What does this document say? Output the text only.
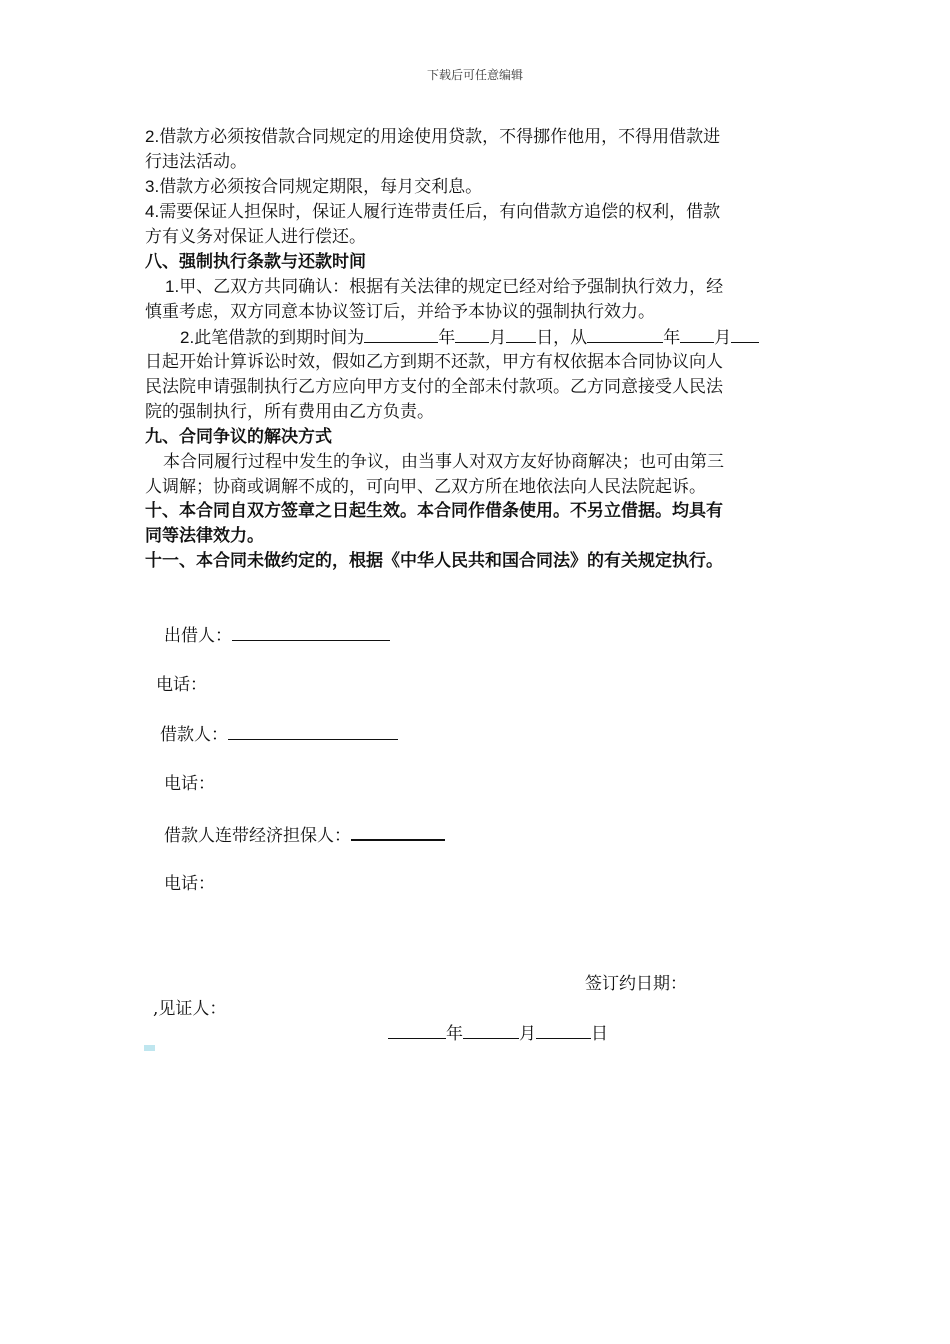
下载后可任意编辑
2.借款方必须按借款合同规定的用途使用贷款，不得挪作他用，不得用借款进
行违法活动。
3.借款方必须按合同规定期限，每月交利息。
4.需要保证人担保时，保证人履行连带责任后，有向借款方追偿的权利，借款
方有义务对保证人进行偿还。
八、强制执行条款与还款时间
1.甲、乙双方共同确认：根据有关法律的规定已经对给予强制执行效力，经
慎重考虑，双方同意本协议签订后，并给予本协议的强制执行效力。
2.此笔借款的到期时间为	年 月 日，从	年 月
日起开始计算诉讼时效，假如乙方到期不还款，甲方有权依据本合同协议向人
民法院申请强制执行乙方应向甲方支付的全部未付款项。乙方同意接受人民法
院的强制执行，所有费用由乙方负责。
九、合同争议的解决方式
本合同履行过程中发生的争议，由当事人对双方友好协商解决；也可由第三
人调解；协商或调解不成的，可向甲、乙双方所在地依法向人民法院起诉。
十、本合同自双方签章之日起生效。本合同作借条使用。不另立借据。均具有
同等法律效力。
十一、本合同未做约定的，根据《中华人民共和国合同法》的有关规定执行。
出借人：
电话：
借款人：
电话：
借款人连带经济担保人：
电话：
签订约日期：
,见证人：
年	月	日
